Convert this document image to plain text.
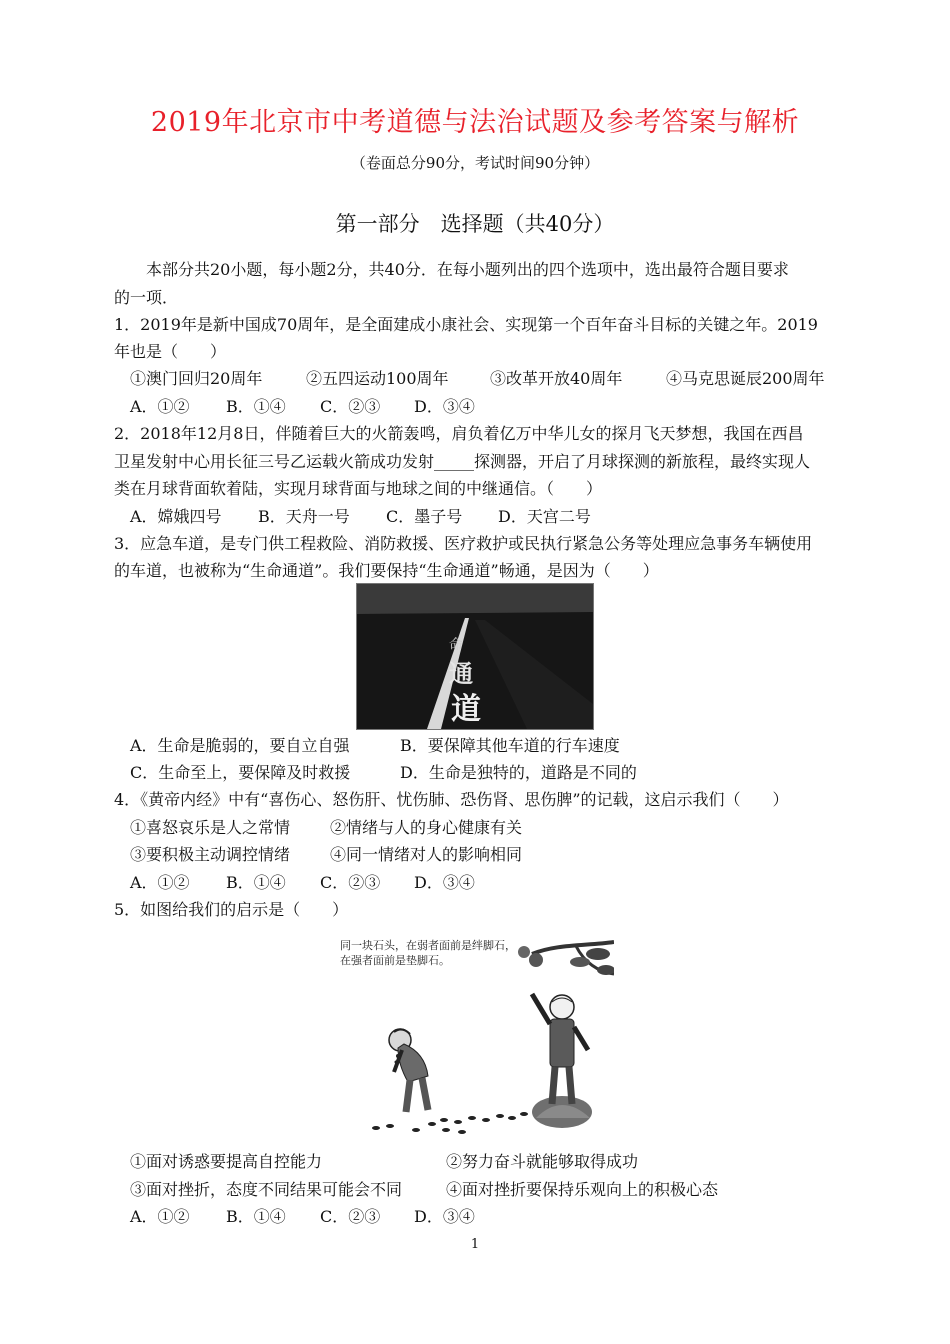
2019年北京市中考道德与法治试题及参考答案与解析
（卷面总分90分，考试时间90分钟）
第一部分　选择题（共40分）
本部分共20小题，每小题2分，共40分．在每小题列出的四个选项中，选出最符合题目要求
的一项．
1．2019年是新中国成70周年，是全面建成小康社会、实现第一个百年奋斗目标的关键之年。2019
年也是（　　）
①澳门回归20周年	②五四运动100周年	③改革开放40周年	④马克思诞辰200周年
A．①② B．①④ C．②③ D．③④
2．2018年12月8日，伴随着巨大的火箭轰鸣，肩负着亿万中华儿女的探月飞天梦想，我国在西昌
卫星发射中心用长征三号乙运载火箭成功发射_____探测器，开启了月球探测的新旅程，最终实现人
类在月球背面软着陆，实现月球背面与地球之间的中继通信。（　　）
A．嫦娥四号 B．天舟一号 C．墨子号 D．天宫二号
3．应急车道，是专门供工程救险、消防救援、医疗救护或民执行紧急公务等处理应急事务车辆使用
的车道，也被称为“生命通道”。我们要保持“生命通道”畅通，是因为（　　）
命
通
道
A．生命是脆弱的，要自立自强	B．要保障其他车道的行车速度
C．生命至上，要保障及时救援	D．生命是独特的，道路是不同的
4．《黄帝内经》中有“喜伤心、怒伤肝、忧伤肺、恐伤肾、思伤脾”的记载，这启示我们（　　）
①喜怒哀乐是人之常情 ②情绪与人的身心健康有关
③要积极主动调控情绪 ④同一情绪对人的影响相同
A．①② B．①④ C．②③ D．③④
5．如图给我们的启示是（　　）
同一块石头，在弱者面前是绊脚石，
在强者面前是垫脚石。
①面对诱惑要提高自控能力	②努力奋斗就能够取得成功
③面对挫折，态度不同结果可能会不同	④面对挫折要保持乐观向上的积极心态
A．①② B．①④ C．②③ D．③④
1
